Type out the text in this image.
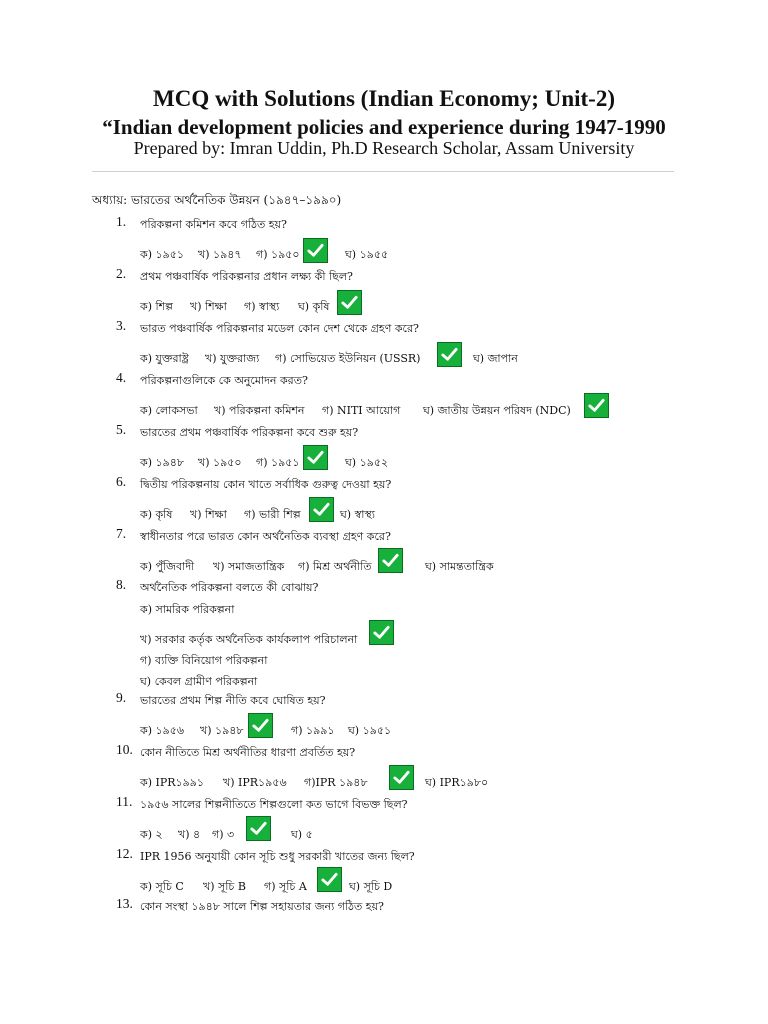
MCQ with Solutions (Indian Economy; Unit-2)
“Indian development policies and experience during 1947-1990
Prepared by: Imran Uddin, Ph.D Research Scholar, Assam University
অধ্যায়: ভারতের অর্থনৈতিক উন্নয়ন (১৯৪৭–১৯৯০)
1. পরিকল্পনা কমিশন কবে গঠিত হয়?
ক) ১৯৫১ খ) ১৯৪৭ গ) ১৯৫০	ঘ) ১৯৫৫
2. প্রথম পঞ্চবার্ষিক পরিকল্পনার প্রধান লক্ষ্য কী ছিল?
ক) শিল্প খ) শিক্ষা গ) স্বাস্থ্য ঘ) কৃষি
3. ভারত পঞ্চবার্ষিক পরিকল্পনার মডেল কোন দেশ থেকে গ্রহণ করে?
ক) যুক্তরাষ্ট্র খ) যুক্তরাজ্য গ) সোভিয়েত ইউনিয়ন (USSR)	ঘ) জাপান
4. পরিকল্পনাগুলিকে কে অনুমোদন করত?
ক) লোকসভা খ) পরিকল্পনা কমিশন গ) NITI আয়োগ ঘ) জাতীয় উন্নয়ন পরিষদ (NDC)
5. ভারতের প্রথম পঞ্চবার্ষিক পরিকল্পনা কবে শুরু হয়?
ক) ১৯৪৮ খ) ১৯৫০ গ) ১৯৫১	ঘ) ১৯৫২
6. দ্বিতীয় পরিকল্পনায় কোন খাতে সর্বাধিক গুরুত্ব দেওয়া হয়?
ক) কৃষি খ) শিক্ষা গ) ভারী শিল্প	ঘ) স্বাস্থ্য
7. স্বাধীনতার পরে ভারত কোন অর্থনৈতিক ব্যবস্থা গ্রহণ করে?
ক) পুঁজিবাদী খ) সমাজতান্ত্রিক গ) মিশ্র অর্থনীতি	ঘ) সামন্ততান্ত্রিক
8. অর্থনৈতিক পরিকল্পনা বলতে কী বোঝায়?
ক) সামরিক পরিকল্পনা
খ) সরকার কর্তৃক অর্থনৈতিক কার্যকলাপ পরিচালনা
গ) ব্যক্তি বিনিয়োগ পরিকল্পনা
ঘ) কেবল গ্রামীণ পরিকল্পনা
9. ভারতের প্রথম শিল্প নীতি কবে ঘোষিত হয়?
ক) ১৯৫৬ খ) ১৯৪৮	গ) ১৯৯১ ঘ) ১৯৫১
10. কোন নীতিতে মিশ্র অর্থনীতির ধারণা প্রবর্তিত হয়?
ক) IPR১৯৯১ খ) IPR১৯৫৬ গ)IPR ১৯৪৮	ঘ) IPR১৯৮০
11. ১৯৫৬ সালের শিল্পনীতিতে শিল্পগুলো কত ভাগে বিভক্ত ছিল?
ক) ২ খ) ৪ গ) ৩	ঘ) ৫
12. IPR 1956 অনুযায়ী কোন সূচি শুধু সরকারী খাতের জন্য ছিল?
ক) সূচি C খ) সূচি B গ) সূচি A	ঘ) সূচি D
13. কোন সংস্থা ১৯৪৮ সালে শিল্প সহায়তার জন্য গঠিত হয়?
